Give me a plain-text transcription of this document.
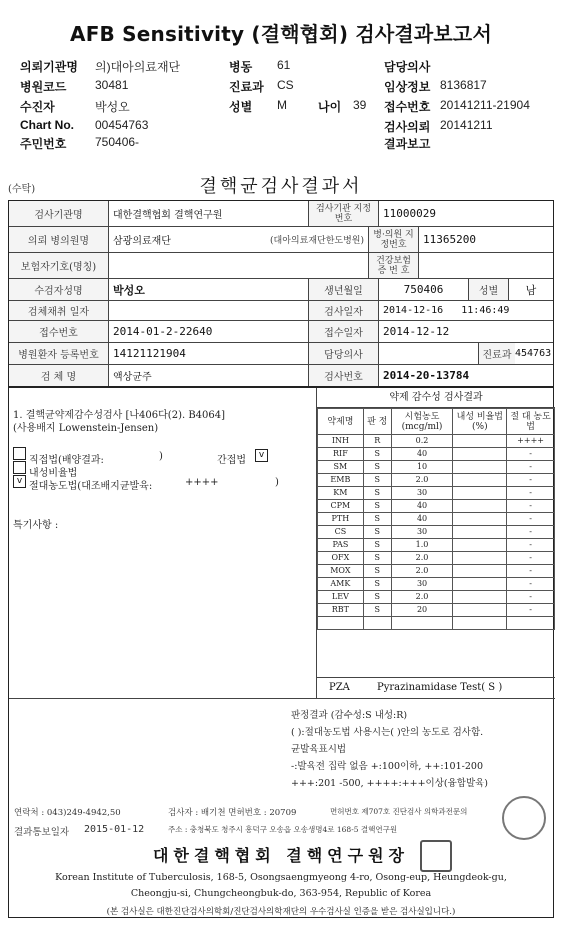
AFB Sensitivity (결핵협회) 검사결과보고서
의뢰기관명 의)대아의료재단
병원코드 30481
수진자	박성오
Chart No. 00454763
주민번호 750406-
병동 61
진료과 CS
성별 M	나이 39
담당의사
임상정보 8136817
접수번호 20141211-21904
검사의뢰 20141211
결과보고
(수탁)	결핵균검사결과서
검사기관명	대한결핵협회 결핵연구원
검사기관 지정번호	11000029
의뢰 병의원명	삼광의료재단	(대아의료재단한도병원)
병·의원 지정번호	11365200
보험자기호(명칭)
건강보험 증 번 호
수검자성명	박성오	생년월일	750406	성별	남
검체채취 일자	검사일자	2014-12-16   11:46:49
접수번호	2014-01-2-22640	접수일자	2014-12-12
병원환자 등록번호	14121121904	담당의사	진료과 454763
검 체 명	액상균주	검사번호	2014-20-13784
1. 결핵균약제감수성검사 [나406다(2). B4064]
(사용배지 Lowenstein-Jensen)
직접법(배양결과:	)	간접법	v
내성비율법
v 절대농도법(대조배지균발육:	++++	)
특기사항 :
약제 감수성 검사결과
약제명	판 정	시험농도 (mcg/ml)	내성 비율법(%)	절 대 농도법
INH	R	0.2		++++
RIF	S	40		-
SM	S	10		-
EMB	S	2.0		-
KM	S	30		-
CPM	S	40		-
PTH	S	40		-
CS	S	30		-
PAS	S	1.0		-
OFX	S	2.0		-
MOX	S	2.0		-
AMK	S	30		-
LEV	S	2.0		-
RBT	S	20		-

PZA	Pyrazinamidase Test( S )
판정결과 (감수성:S 내성:R)
( ):절대농도법 사용시는( )안의 농도로 검사함.
균발육표시법
-:발육전 집락 없음 +:100이하, ++:101-200
+++:201 -500, ++++:+++이상(융합발육)
연락처 : 043)249-4942,50	검사자 : 배기천 면허번호 : 20709	면허번호 제707호 진단검사 의학과전문의
결과통보일자 2015-01-12	주소 : 충청북도 청주시 흥덕구 오송읍 오송생명4로 168-5 결핵연구원
대한결핵협회 결핵연구원장
Korean Institute of Tuberculosis, 168-5, Osongsaengmyeong 4-ro, Osong-eup, Heungdeok-gu,
Cheongju-si, Chungcheongbuk-do, 363-954, Republic of Korea
(본 검사실은 대한진단검사의학회/진단검사의학재단의 우수검사실 인증을 받은 검사실입니다.)
